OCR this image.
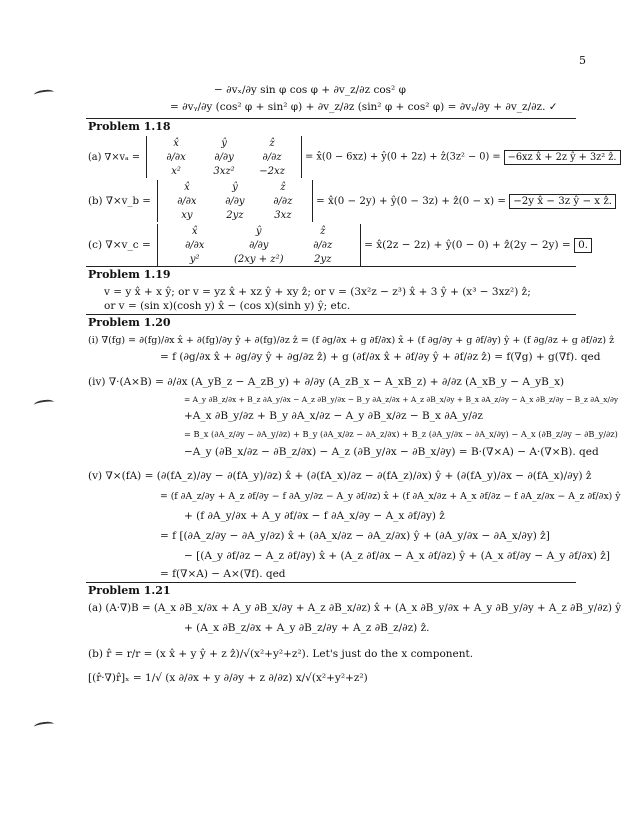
5
− ∂vₓ/∂y sin φ cos φ + ∂v_z/∂z cos² φ
= ∂vᵧ/∂y (cos² φ + sin² φ) + ∂v_z/∂z (sin² φ + cos² φ) = ∂vᵧ/∂y + ∂v_z/∂z. ✓
Problem 1.18
(a) ∇×vₐ =
x̂	ŷ	ẑ
∂/∂x	∂/∂y	∂/∂z
x²	3xz²	−2xz
= x̂(0 − 6xz) + ŷ(0 + 2z) + ẑ(3z² − 0) = −6xz x̂ + 2z ŷ + 3z² ẑ.
(b) ∇×v_b =
x̂	ŷ	ẑ
∂/∂x	∂/∂y	∂/∂z
xy	2yz	3xz
= x̂(0 − 2y) + ŷ(0 − 3z) + ẑ(0 − x) = −2y x̂ − 3z ŷ − x ẑ.
(c) ∇×v_c =
x̂	ŷ	ẑ
∂/∂x	∂/∂y	∂/∂z
y²	(2xy + z²)	2yz
= x̂(2z − 2z) + ŷ(0 − 0) + ẑ(2y − 2y) = 0.
Problem 1.19
v = y x̂ + x ŷ; or v = yz x̂ + xz ŷ + xy ẑ; or v = (3x²z − z³) x̂ + 3 ŷ + (x³ − 3xz²) ẑ;
or v = (sin x)(cosh y) x̂ − (cos x)(sinh y) ŷ; etc.
Problem 1.20
(i) ∇(fg) = ∂(fg)/∂x x̂ + ∂(fg)/∂y ŷ + ∂(fg)/∂z ẑ = (f ∂g/∂x + g ∂f/∂x) x̂ + (f ∂g/∂y + g ∂f/∂y) ŷ + (f ∂g/∂z + g ∂f/∂z) ẑ
= f (∂g/∂x x̂ + ∂g/∂y ŷ + ∂g/∂z ẑ) + g (∂f/∂x x̂ + ∂f/∂y ŷ + ∂f/∂z ẑ) = f(∇g) + g(∇f). qed
(iv) ∇·(A×B) = ∂/∂x (A_yB_z − A_zB_y) + ∂/∂y (A_zB_x − A_xB_z) + ∂/∂z (A_xB_y − A_yB_x)
= A_y ∂B_z/∂x + B_z ∂A_y/∂x − A_z ∂B_y/∂x − B_y ∂A_z/∂x + A_z ∂B_x/∂y + B_x ∂A_z/∂y − A_x ∂B_z/∂y − B_z ∂A_x/∂y
+A_x ∂B_y/∂z + B_y ∂A_x/∂z − A_y ∂B_x/∂z − B_x ∂A_y/∂z
= B_x (∂A_z/∂y − ∂A_y/∂z) + B_y (∂A_x/∂z − ∂A_z/∂x) + B_z (∂A_y/∂x − ∂A_x/∂y) − A_x (∂B_z/∂y − ∂B_y/∂z)
−A_y (∂B_x/∂z − ∂B_z/∂x) − A_z (∂B_y/∂x − ∂B_x/∂y) = B·(∇×A) − A·(∇×B). qed
(v) ∇×(fA) = (∂(fA_z)/∂y − ∂(fA_y)/∂z) x̂ + (∂(fA_x)/∂z − ∂(fA_z)/∂x) ŷ + (∂(fA_y)/∂x − ∂(fA_x)/∂y) ẑ
= (f ∂A_z/∂y + A_z ∂f/∂y − f ∂A_y/∂z − A_y ∂f/∂z) x̂ + (f ∂A_x/∂z + A_x ∂f/∂z − f ∂A_z/∂x − A_z ∂f/∂x) ŷ
+ (f ∂A_y/∂x + A_y ∂f/∂x − f ∂A_x/∂y − A_x ∂f/∂y) ẑ
= f [(∂A_z/∂y − ∂A_y/∂z) x̂ + (∂A_x/∂z − ∂A_z/∂x) ŷ + (∂A_y/∂x − ∂A_x/∂y) ẑ]
− [(A_y ∂f/∂z − A_z ∂f/∂y) x̂ + (A_z ∂f/∂x − A_x ∂f/∂z) ŷ + (A_x ∂f/∂y − A_y ∂f/∂x) ẑ]
= f(∇×A) − A×(∇f). qed
Problem 1.21
(a) (A·∇)B = (A_x ∂B_x/∂x + A_y ∂B_x/∂y + A_z ∂B_x/∂z) x̂ + (A_x ∂B_y/∂x + A_y ∂B_y/∂y + A_z ∂B_y/∂z) ŷ
+ (A_x ∂B_z/∂x + A_y ∂B_z/∂y + A_z ∂B_z/∂z) ẑ.
(b) r̂ = r/r = (x x̂ + y ŷ + z ẑ)/√(x²+y²+z²). Let's just do the x component.
[(r̂·∇)r̂]ₓ = 1/√ (x ∂/∂x + y ∂/∂y + z ∂/∂z) x/√(x²+y²+z²)
